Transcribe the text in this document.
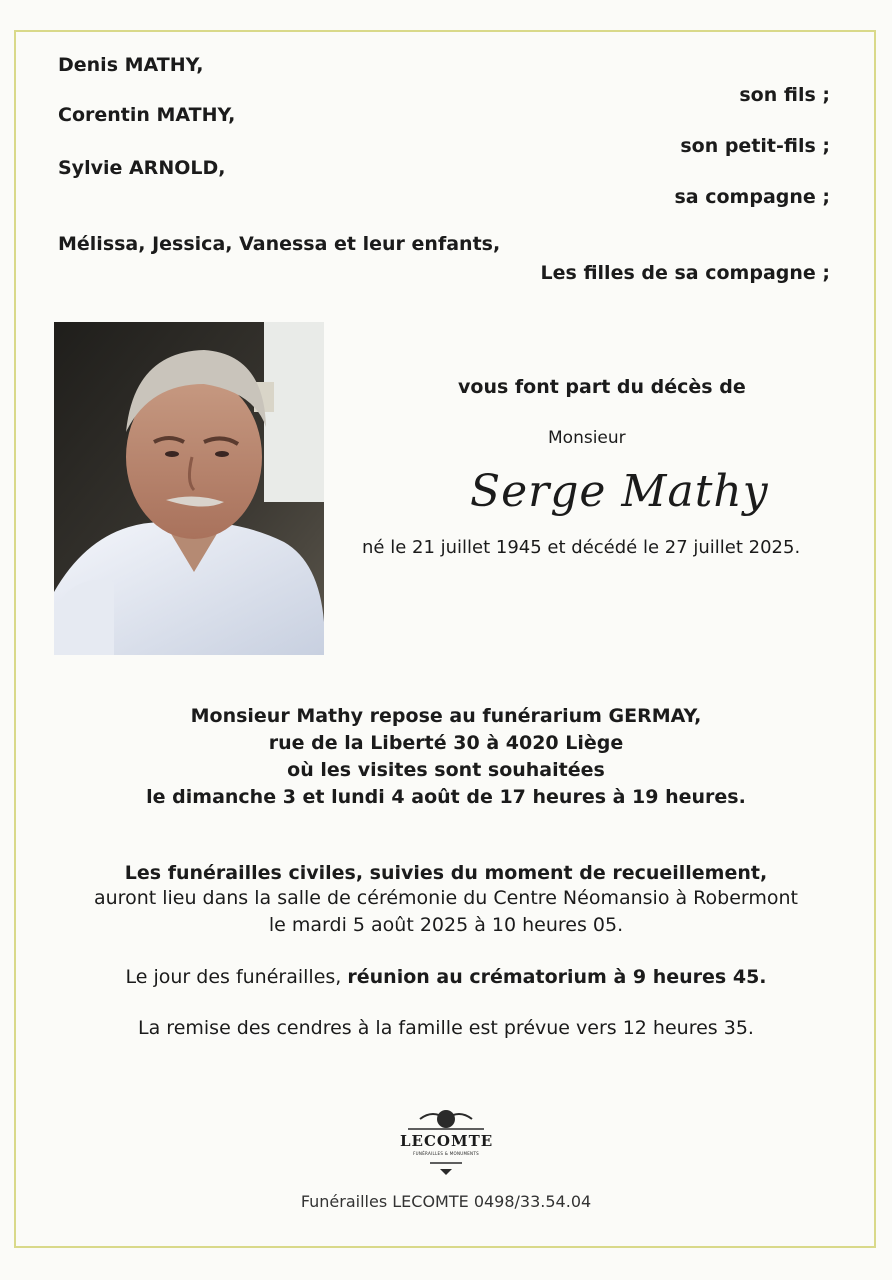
Denis MATHY,
Corentin MATHY,
Sylvie ARNOLD,
Mélissa, Jessica, Vanessa et leur enfants,
son fils ;
son petit-fils ;
sa compagne ;
Les filles de sa compagne ;
vous font part du décès de
Monsieur
Serge Mathy
né le 21 juillet 1945 et décédé le 27 juillet 2025.
Monsieur Mathy repose au funérarium GERMAY,
rue de la Liberté 30 à 4020 Liège
où les visites sont souhaitées
le dimanche 3 et lundi 4 août de 17 heures à 19 heures.
Les funérailles civiles, suivies du moment de recueillement,
auront lieu dans la salle de cérémonie du Centre Néomansio à Robermont
le mardi 5 août 2025 à 10 heures 05.
Le jour des funérailles, réunion au crématorium à 9 heures 45.
La remise des cendres à la famille est prévue vers 12 heures 35.
LECOMTE
FUNÉRAILLES & MONUMENTS
Funérailles LECOMTE 0498/33.54.04
